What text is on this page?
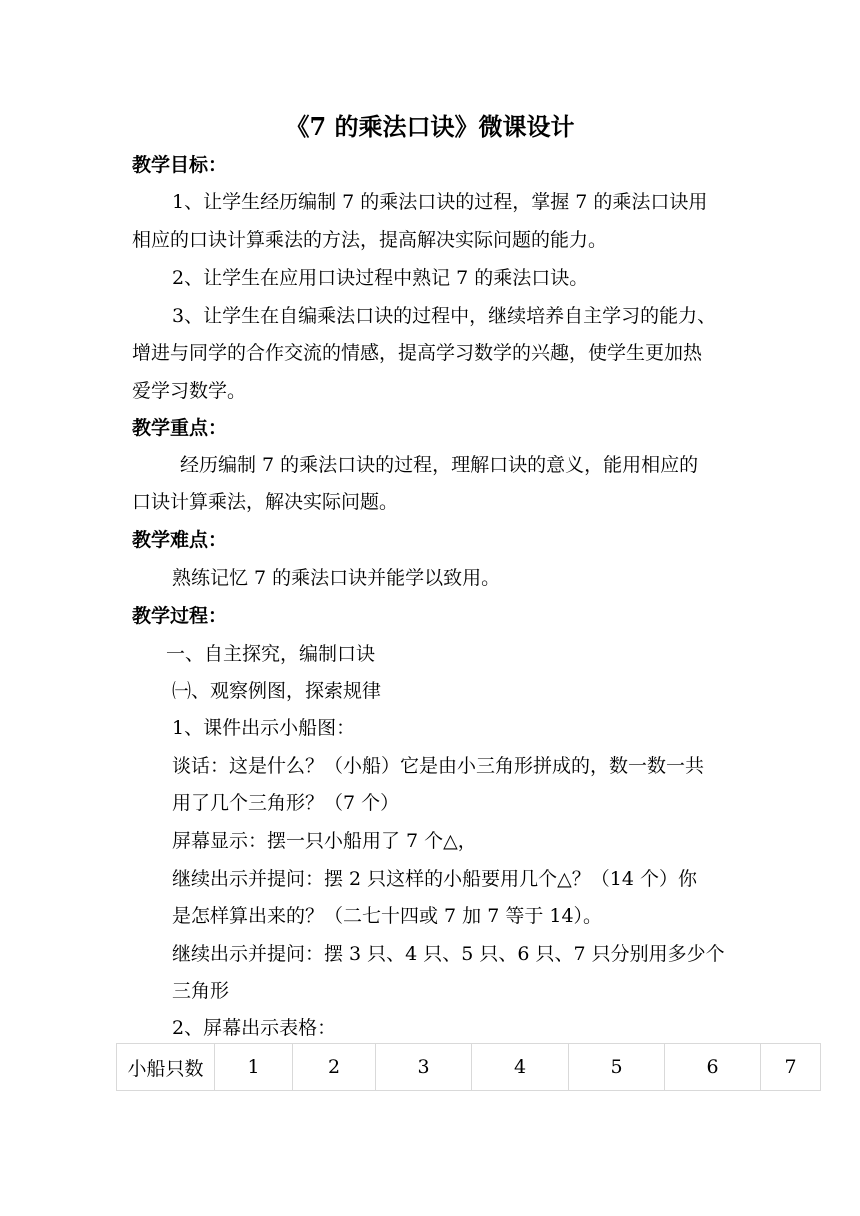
《7 的乘法口诀》微课设计
教学目标：
1、让学生经历编制 7 的乘法口诀的过程，掌握 7 的乘法口诀用
相应的口诀计算乘法的方法，提高解决实际问题的能力。
2、让学生在应用口诀过程中熟记 7 的乘法口诀。
3、让学生在自编乘法口诀的过程中，继续培养自主学习的能力、
增进与同学的合作交流的情感，提高学习数学的兴趣，使学生更加热
爱学习数学。
教学重点：
经历编制 7 的乘法口诀的过程，理解口诀的意义，能用相应的
口诀计算乘法，解决实际问题。
教学难点：
熟练记忆 7 的乘法口诀并能学以致用。
教学过程：
一、自主探究，编制口诀
㈠、观察例图，探索规律
1、课件出示小船图：
谈话：这是什么？（小船）它是由小三角形拼成的，数一数一共
用了几个三角形？（7 个）
屏幕显示：摆一只小船用了 7 个△，
继续出示并提问：摆 2 只这样的小船要用几个△？（14 个）你
是怎样算出来的？（二七十四或 7 加 7 等于 14）。
继续出示并提问：摆 3 只、4 只、5 只、6 只、7 只分别用多少个
三角形
2、屏幕出示表格：
小船只数	1	2	3	4	5	6	7
